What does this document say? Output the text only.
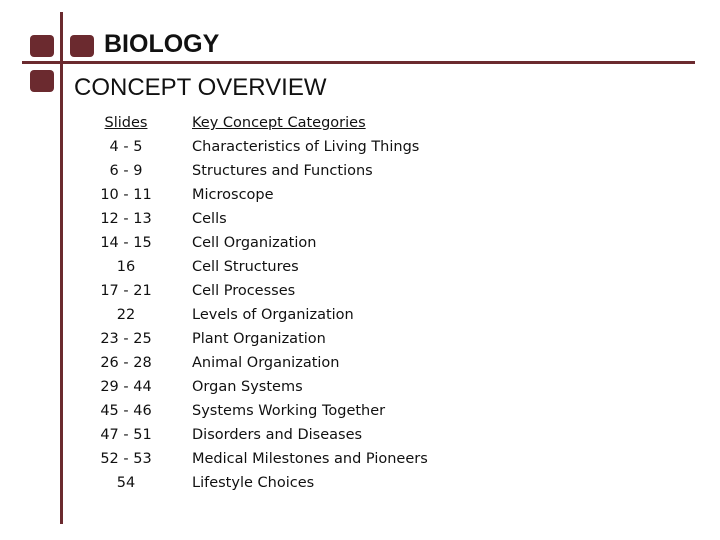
BIOLOGY
CONCEPT OVERVIEW
Slides	Key Concept Categories
4 - 5	Characteristics of Living Things
6 - 9	Structures and Functions
10 - 11	Microscope
12 - 13	Cells
14 - 15	Cell Organization
16	Cell Structures
17 - 21	Cell Processes
22	Levels of Organization
23 - 25	Plant Organization
26 - 28	Animal Organization
29 - 44	Organ Systems
45 - 46	Systems Working Together
47 - 51	Disorders and Diseases
52 - 53	Medical Milestones and Pioneers
54	Lifestyle Choices
